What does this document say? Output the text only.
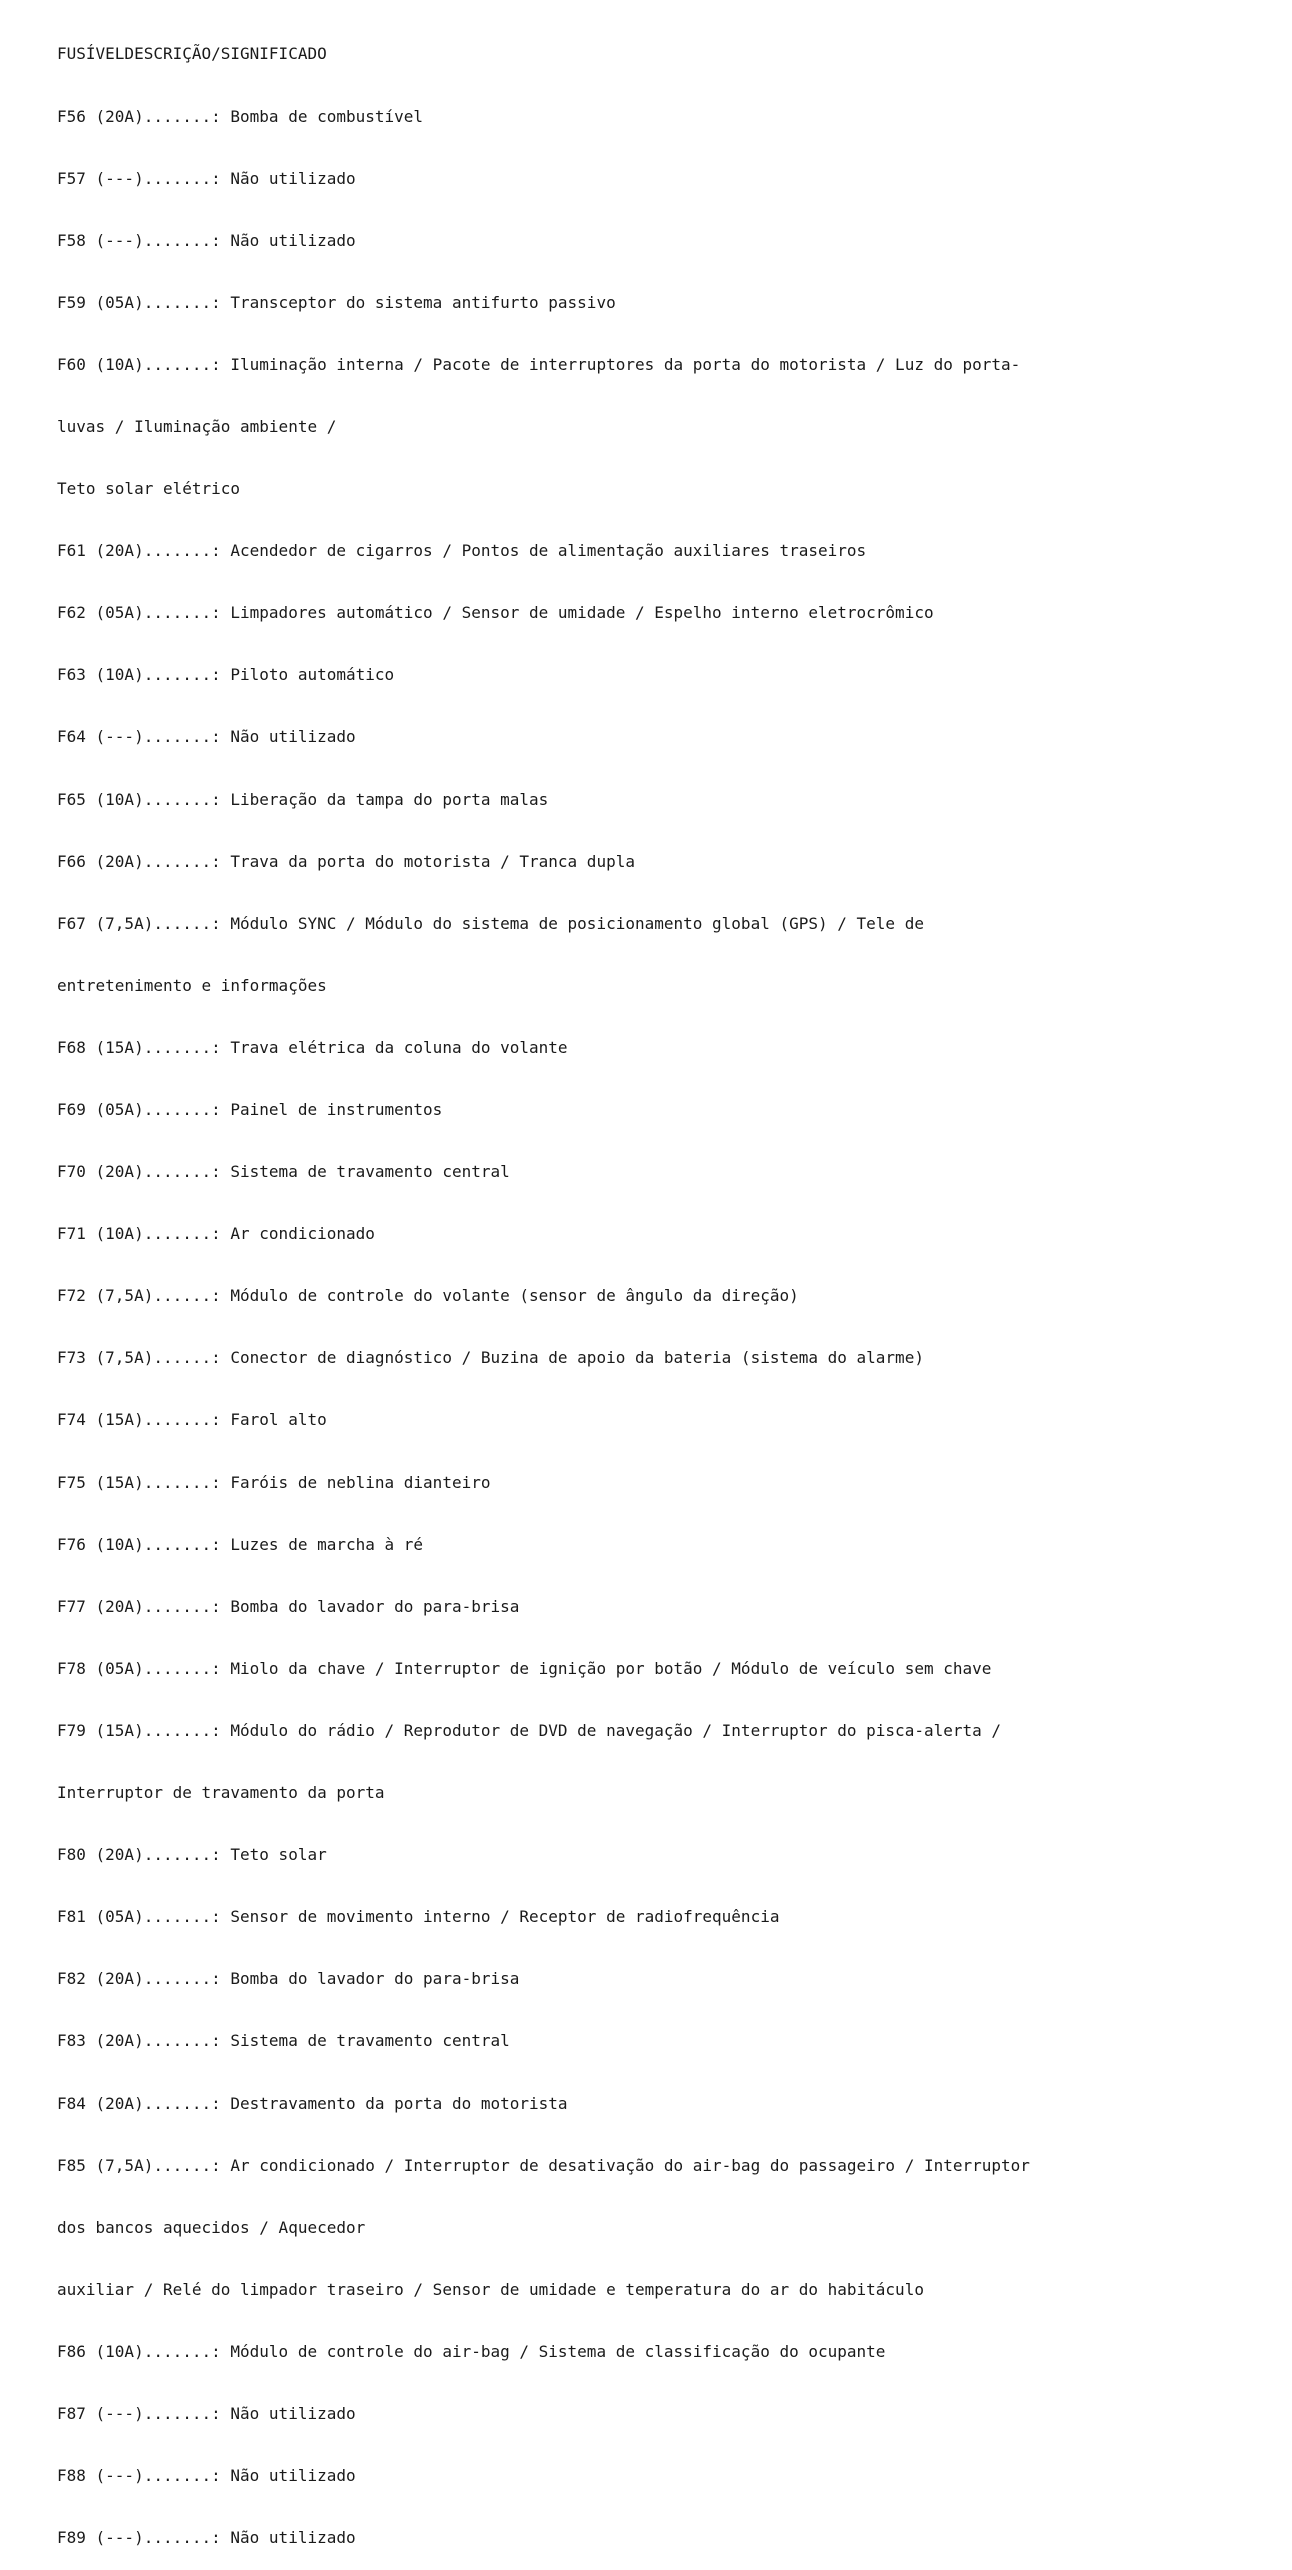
FUSÍVELDESCRIÇÃO/SIGNIFICADO

F56 (20A).......: Bomba de combustível

F57 (---).......: Não utilizado

F58 (---).......: Não utilizado

F59 (05A).......: Transceptor do sistema antifurto passivo

F60 (10A).......: Iluminação interna / Pacote de interruptores da porta do motorista / Luz do porta-

luvas / Iluminação ambiente /

Teto solar elétrico

F61 (20A).......: Acendedor de cigarros / Pontos de alimentação auxiliares traseiros

F62 (05A).......: Limpadores automático / Sensor de umidade / Espelho interno eletrocrômico

F63 (10A).......: Piloto automático

F64 (---).......: Não utilizado

F65 (10A).......: Liberação da tampa do porta malas

F66 (20A).......: Trava da porta do motorista / Tranca dupla

F67 (7,5A)......: Módulo SYNC / Módulo do sistema de posicionamento global (GPS) / Tele de

entretenimento e informações

F68 (15A).......: Trava elétrica da coluna do volante

F69 (05A).......: Painel de instrumentos

F70 (20A).......: Sistema de travamento central

F71 (10A).......: Ar condicionado

F72 (7,5A)......: Módulo de controle do volante (sensor de ângulo da direção)

F73 (7,5A)......: Conector de diagnóstico / Buzina de apoio da bateria (sistema do alarme)

F74 (15A).......: Farol alto

F75 (15A).......: Faróis de neblina dianteiro

F76 (10A).......: Luzes de marcha à ré

F77 (20A).......: Bomba do lavador do para-brisa

F78 (05A).......: Miolo da chave / Interruptor de ignição por botão / Módulo de veículo sem chave

F79 (15A).......: Módulo do rádio / Reprodutor de DVD de navegação / Interruptor do pisca-alerta /

Interruptor de travamento da porta

F80 (20A).......: Teto solar

F81 (05A).......: Sensor de movimento interno / Receptor de radiofrequência

F82 (20A).......: Bomba do lavador do para-brisa

F83 (20A).......: Sistema de travamento central

F84 (20A).......: Destravamento da porta do motorista

F85 (7,5A)......: Ar condicionado / Interruptor de desativação do air-bag do passageiro / Interruptor

dos bancos aquecidos / Aquecedor

auxiliar / Relé do limpador traseiro / Sensor de umidade e temperatura do ar do habitáculo

F86 (10A).......: Módulo de controle do air-bag / Sistema de classificação do ocupante

F87 (---).......: Não utilizado

F88 (---).......: Não utilizado

F89 (---).......: Não utilizado
